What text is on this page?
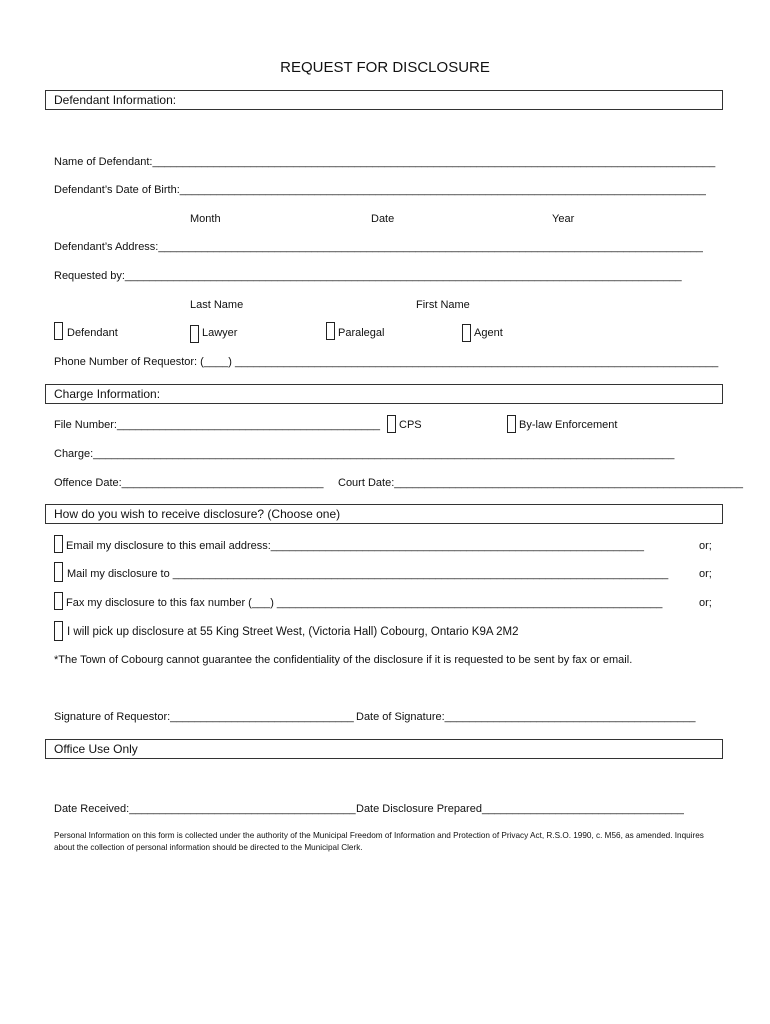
REQUEST FOR DISCLOSURE
Defendant Information:
Name of Defendant:____________________________________________________________________________________________
Defendant’s Date of Birth:______________________________________________________________________________________
Month	Date	Year
Defendant’s Address:_________________________________________________________________________________________
Requested by:___________________________________________________________________________________________
Last Name	First Name
Defendant	Lawyer	Paralegal	Agent
Phone Number of Requestor: (____) _______________________________________________________________________________
Charge Information:
File Number:___________________________________________ CPS	By-law Enforcement
Charge:_______________________________________________________________________________________________
Offence Date:_________________________________ Court Date:_________________________________________________________
How do you wish to receive disclosure? (Choose one)
Email my disclosure to this email address:_____________________________________________________________	or;
Mail my disclosure to _________________________________________________________________________________	or;
Fax my disclosure to this fax number (___) _______________________________________________________________	or;
I will pick up disclosure at 55 King Street West, (Victoria Hall) Cobourg, Ontario K9A 2M2
*The Town of Cobourg cannot guarantee the confidentiality of the disclosure if it is requested to be sent by fax or email.
Signature of Requestor:______________________________ Date of Signature:_________________________________________
Office Use Only
Date Received:_____________________________________ Date Disclosure Prepared_________________________________
Personal Information on this form is collected under the authority of the Municipal Freedom of Information and Protection of Privacy Act, R.S.O. 1990, c. M56, as amended. Inquires about the collection of personal information should be directed to the Municipal Clerk.
